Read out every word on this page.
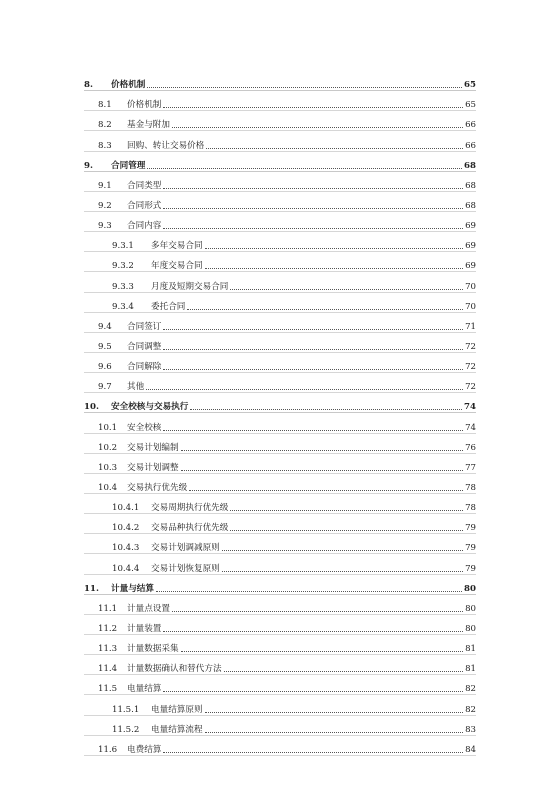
8.	价格机制	65
8.1	价格机制	65
8.2	基金与附加	66
8.3	回购、转让交易价格	66
9.	合同管理	68
9.1	合同类型	68
9.2	合同形式	68
9.3	合同内容	69
9.3.1	多年交易合同	69
9.3.2	年度交易合同	69
9.3.3	月度及短期交易合同	70
9.3.4	委托合同	70
9.4	合同签订	71
9.5	合同调整	72
9.6	合同解除	72
9.7	其他	72
10.	安全校核与交易执行	74
10.1	安全校核	74
10.2	交易计划编制	76
10.3	交易计划调整	77
10.4	交易执行优先级	78
10.4.1	交易周期执行优先级	78
10.4.2	交易品种执行优先级	79
10.4.3	交易计划调减原则	79
10.4.4	交易计划恢复原则	79
11.	计量与结算	80
11.1	计量点设置	80
11.2	计量装置	80
11.3	计量数据采集	81
11.4	计量数据确认和替代方法	81
11.5	电量结算	82
11.5.1	电量结算原则	82
11.5.2	电量结算流程	83
11.6	电费结算	84
